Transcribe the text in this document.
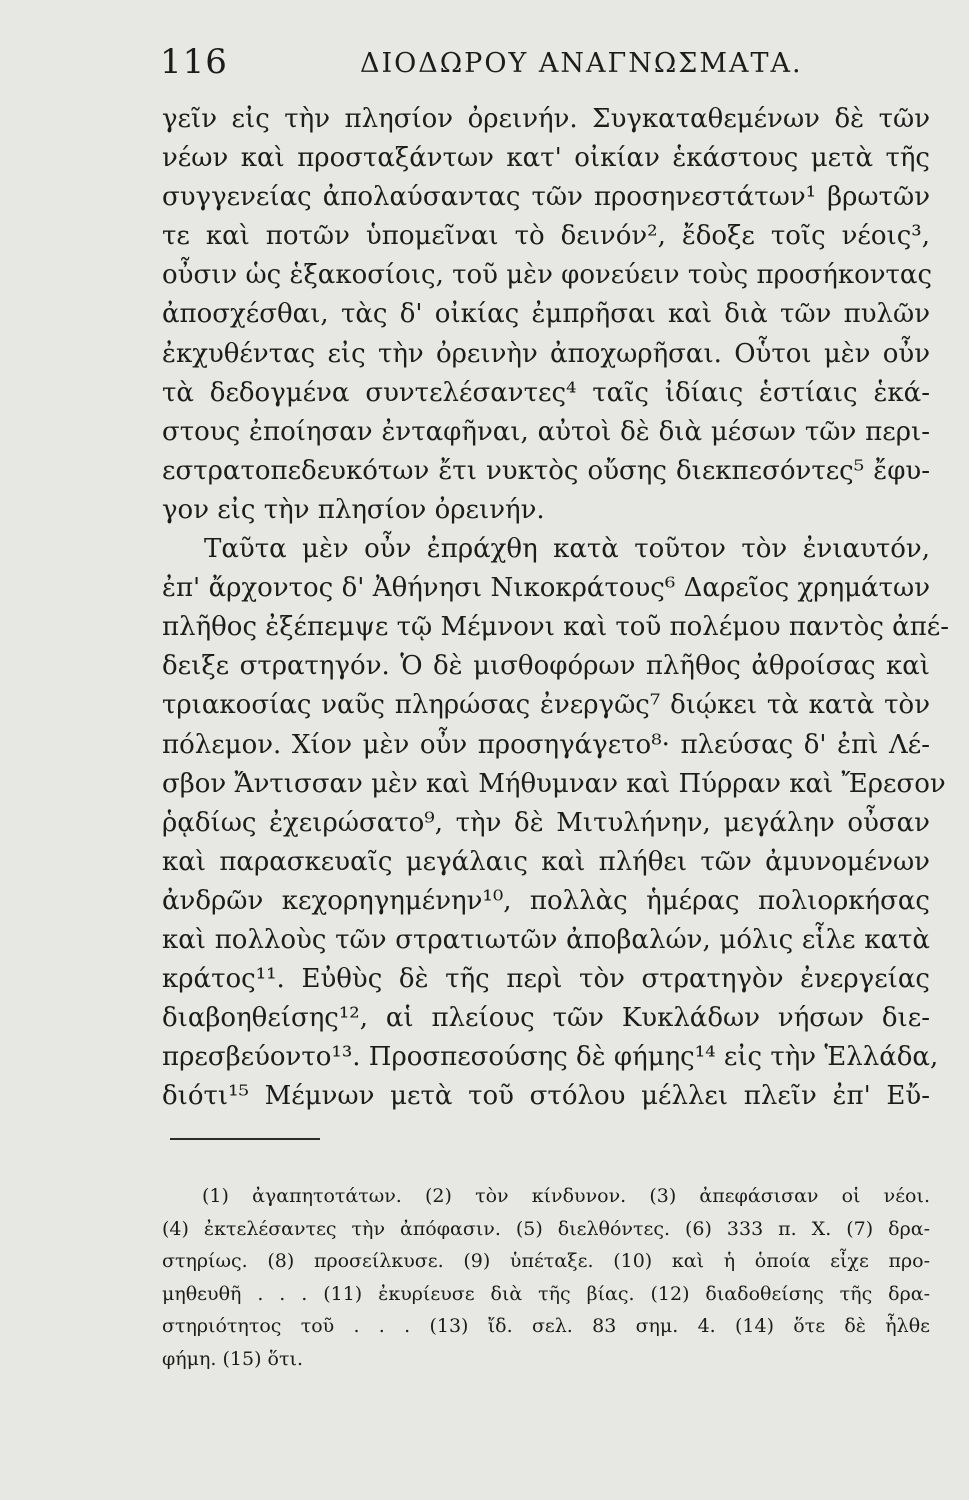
116	ΔΙΟΔΩΡΟΥ ΑΝΑΓΝΩΣΜΑΤΑ.
γεῖν εἰς τὴν πλησίον ὀρεινήν. Συγκαταθεμένων δὲ τῶν
νέων καὶ προσταξάντων κατ' οἰκίαν ἑκάστους μετὰ τῆς
συγγενείας ἀπολαύσαντας τῶν προσηνεστάτων¹ βρωτῶν
τε καὶ ποτῶν ὑπομεῖναι τὸ δεινόν², ἔδοξε τοῖς νέοις³,
οὖσιν ὡς ἑξακοσίοις, τοῦ μὲν φονεύειν τοὺς προσήκοντας
ἀποσχέσθαι, τὰς δ' οἰκίας ἐμπρῆσαι καὶ διὰ τῶν πυλῶν
ἐκχυθέντας εἰς τὴν ὀρεινὴν ἀποχωρῆσαι. Οὗτοι μὲν οὖν
τὰ δεδογμένα συντελέσαντες⁴ ταῖς ἰδίαις ἑστίαις ἑκά-
στους ἐποίησαν ἐνταφῆναι, αὐτοὶ δὲ διὰ μέσων τῶν περι-
εστρατοπεδευκότων ἔτι νυκτὸς οὔσης διεκπεσόντες⁵ ἔφυ-
γον εἰς τὴν πλησίον ὀρεινήν.
Ταῦτα μὲν οὖν ἐπράχθη κατὰ τοῦτον τὸν ἐνιαυτόν,
ἐπ' ἄρχοντος δ' Ἀθήνησι Νικοκράτους⁶ Δαρεῖος χρημάτων
πλῆθος ἐξέπεμψε τῷ Μέμνονι καὶ τοῦ πολέμου παντὸς ἀπέ-
δειξε στρατηγόν. Ὁ δὲ μισθοφόρων πλῆθος ἀθροίσας καὶ
τριακοσίας ναῦς πληρώσας ἐνεργῶς⁷ διῴκει τὰ κατὰ τὸν
πόλεμον. Χίον μὲν οὖν προσηγάγετο⁸· πλεύσας δ' ἐπὶ Λέ-
σβον Ἄντισσαν μὲν καὶ Μήθυμναν καὶ Πύρραν καὶ Ἔρεσον
ῥᾳδίως ἐχειρώσατο⁹, τὴν δὲ Μιτυλήνην, μεγάλην οὖσαν
καὶ παρασκευαῖς μεγάλαις καὶ πλήθει τῶν ἀμυνομένων
ἀνδρῶν κεχορηγημένην¹⁰, πολλὰς ἡμέρας πολιορκήσας
καὶ πολλοὺς τῶν στρατιωτῶν ἀποβαλών, μόλις εἷλε κατὰ
κράτος¹¹. Εὐθὺς δὲ τῆς περὶ τὸν στρατηγὸν ἐνεργείας
διαβοηθείσης¹², αἱ πλείους τῶν Κυκλάδων νήσων διε-
πρεσβεύοντο¹³. Προσπεσούσης δὲ φήμης¹⁴ εἰς τὴν Ἑλλάδα,
διότι¹⁵ Μέμνων μετὰ τοῦ στόλου μέλλει πλεῖν ἐπ' Εὔ-
(1) ἀγαπητοτάτων. (2) τὸν κίνδυνον. (3) ἀπεφάσισαν οἱ νέοι.
(4) ἐκτελέσαντες τὴν ἀπόφασιν. (5) διελθόντες. (6) 333 π. Χ. (7) δρα-
στηρίως. (8) προσείλκυσε. (9) ὑπέταξε. (10) καὶ ἡ ὁποία εἶχε προ-
μηθευθῆ . . . (11) ἐκυρίευσε διὰ τῆς βίας. (12) διαδοθείσης τῆς δρα-
στηριότητος τοῦ . . . (13) ἴδ. σελ. 83 σημ. 4. (14) ὅτε δὲ ἦλθε
φήμη. (15) ὅτι.
